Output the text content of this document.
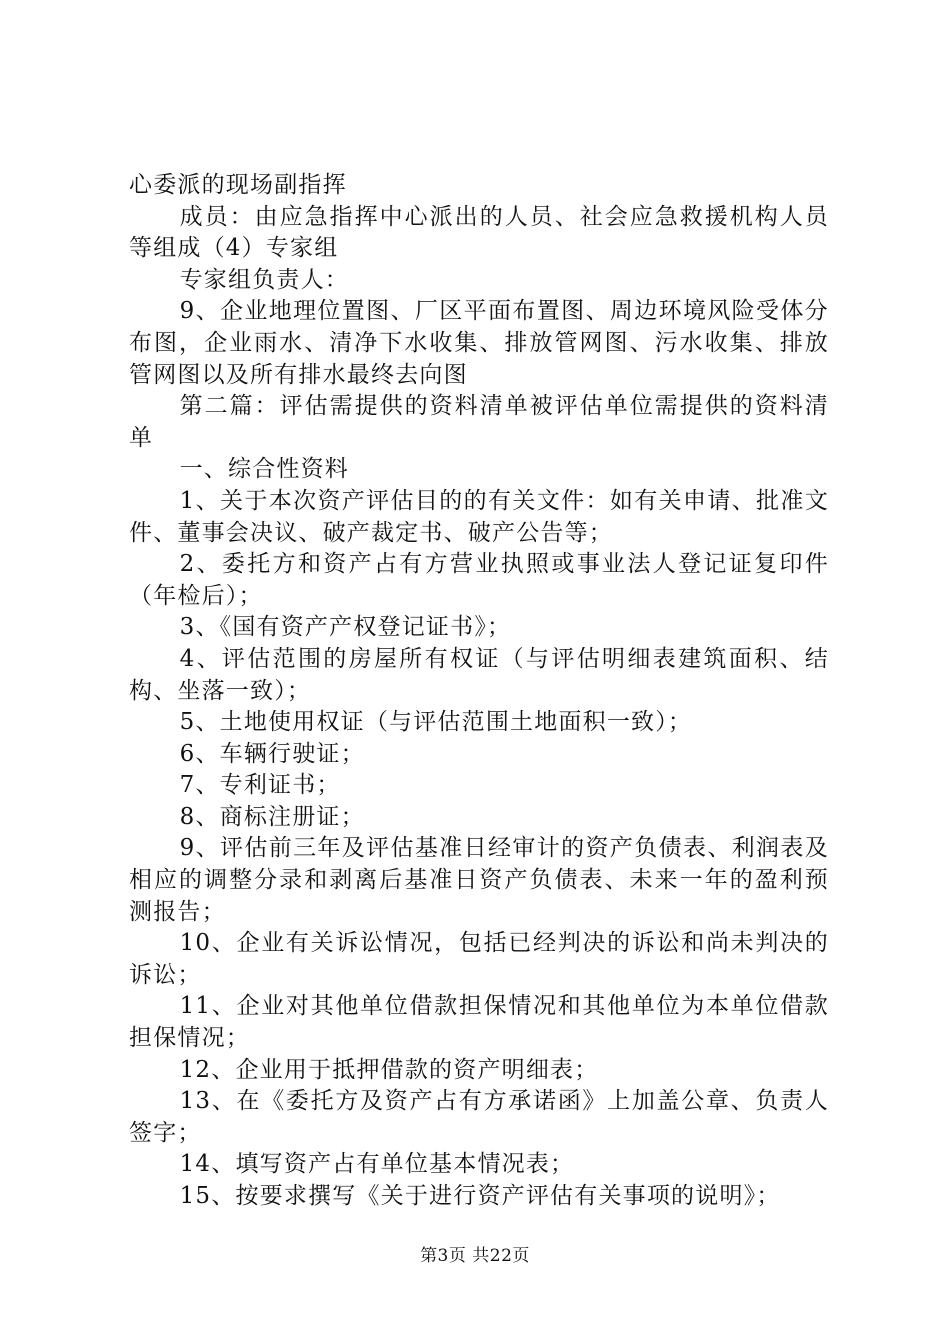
心委派的现场副指挥

成员：由应急指挥中心派出的人员、社会应急救援机构人员等组成（4）专家组

专家组负责人：

9、企业地理位置图、厂区平面布置图、周边环境风险受体分布图，企业雨水、清净下水收集、排放管网图、污水收集、排放管网图以及所有排水最终去向图

第二篇：评估需提供的资料清单被评估单位需提供的资料清单

一、综合性资料

1、关于本次资产评估目的的有关文件：如有关申请、批准文件、董事会决议、破产裁定书、破产公告等；

2、委托方和资产占有方营业执照或事业法人登记证复印件（年检后）；

3、《国有资产产权登记证书》；

4、评估范围的房屋所有权证（与评估明细表建筑面积、结构、坐落一致）；

5、土地使用权证（与评估范围土地面积一致）；

6、车辆行驶证；

7、专利证书；

8、商标注册证；

9、评估前三年及评估基准日经审计的资产负债表、利润表及相应的调整分录和剥离后基准日资产负债表、未来一年的盈利预测报告；

10、企业有关诉讼情况，包括已经判决的诉讼和尚未判决的诉讼；

11、企业对其他单位借款担保情况和其他单位为本单位借款担保情况；

12、企业用于抵押借款的资产明细表；

13、在《委托方及资产占有方承诺函》上加盖公章、负责人签字；

14、填写资产占有单位基本情况表；

15、按要求撰写《关于进行资产评估有关事项的说明》；

第3页 共22页
